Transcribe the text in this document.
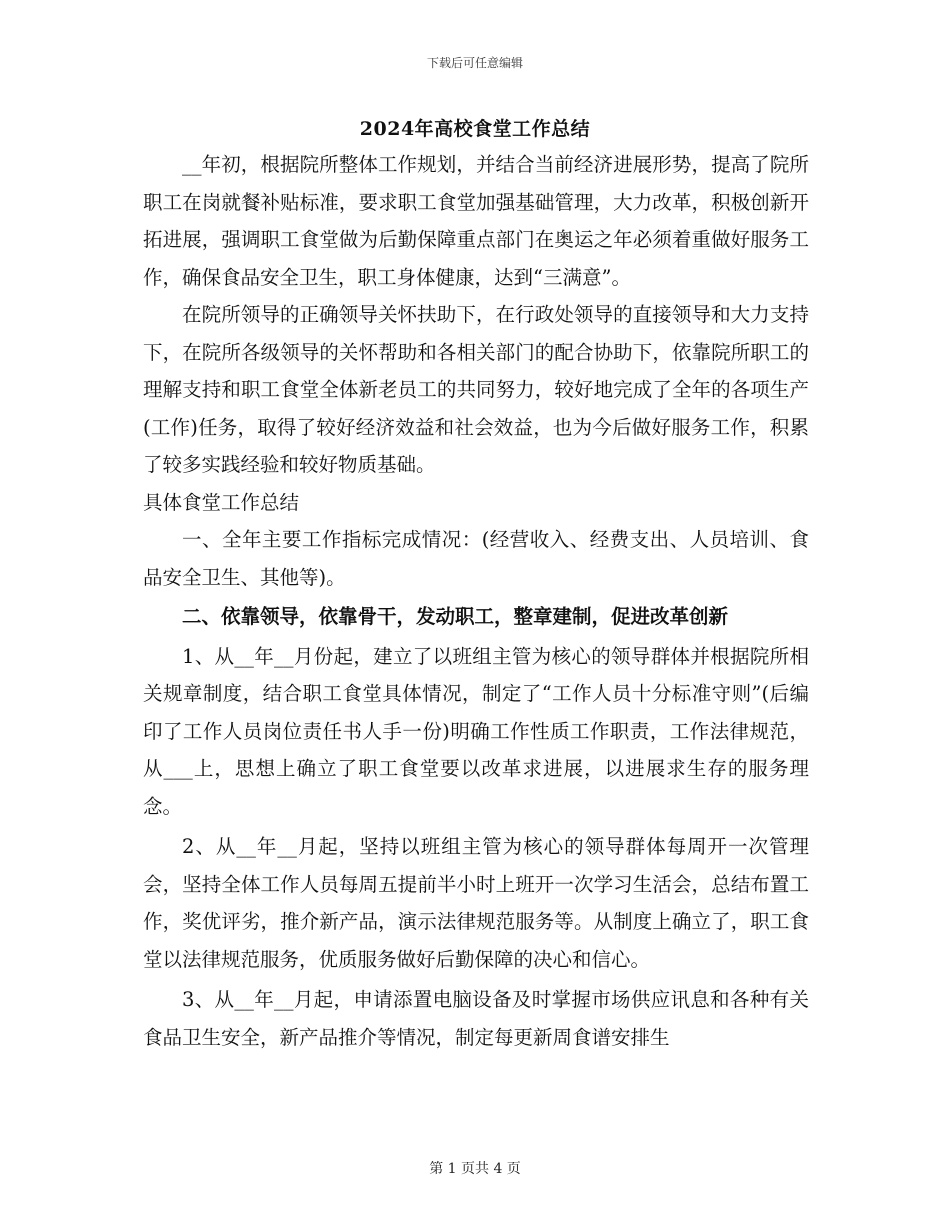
下载后可任意编辑
2024年高校食堂工作总结

__年初，根据院所整体工作规划，并结合当前经济进展形势，提高了院所职工在岗就餐补贴标准，要求职工食堂加强基础管理，大力改革，积极创新开拓进展，强调职工食堂做为后勤保障重点部门在奥运之年必须着重做好服务工作，确保食品安全卫生，职工身体健康，达到“三满意”。

在院所领导的正确领导关怀扶助下，在行政处领导的直接领导和大力支持下，在院所各级领导的关怀帮助和各相关部门的配合协助下，依靠院所职工的理解支持和职工食堂全体新老员工的共同努力，较好地完成了全年的各项生产(工作)任务，取得了较好经济效益和社会效益，也为今后做好服务工作，积累了较多实践经验和较好物质基础。

具体食堂工作总结

一、全年主要工作指标完成情况：(经营收入、经费支出、人员培训、食品安全卫生、其他等)。

二、依靠领导，依靠骨干，发动职工，整章建制，促进改革创新

1、从__年__月份起，建立了以班组主管为核心的领导群体并根据院所相关规章制度，结合职工食堂具体情况，制定了“工作人员十分标准守则”(后编印了工作人员岗位责任书人手一份)明确工作性质工作职责，工作法律规范，从___上，思想上确立了职工食堂要以改革求进展，以进展求生存的服务理念。

2、从__年__月起，坚持以班组主管为核心的领导群体每周开一次管理会，坚持全体工作人员每周五提前半小时上班开一次学习生活会，总结布置工作，奖优评劣，推介新产品，演示法律规范服务等。从制度上确立了，职工食堂以法律规范服务，优质服务做好后勤保障的决心和信心。

3、从__年__月起，申请添置电脑设备及时掌握市场供应讯息和各种有关食品卫生安全，新产品推介等情况，制定每更新周食谱安排生

第 1 页共 4 页
